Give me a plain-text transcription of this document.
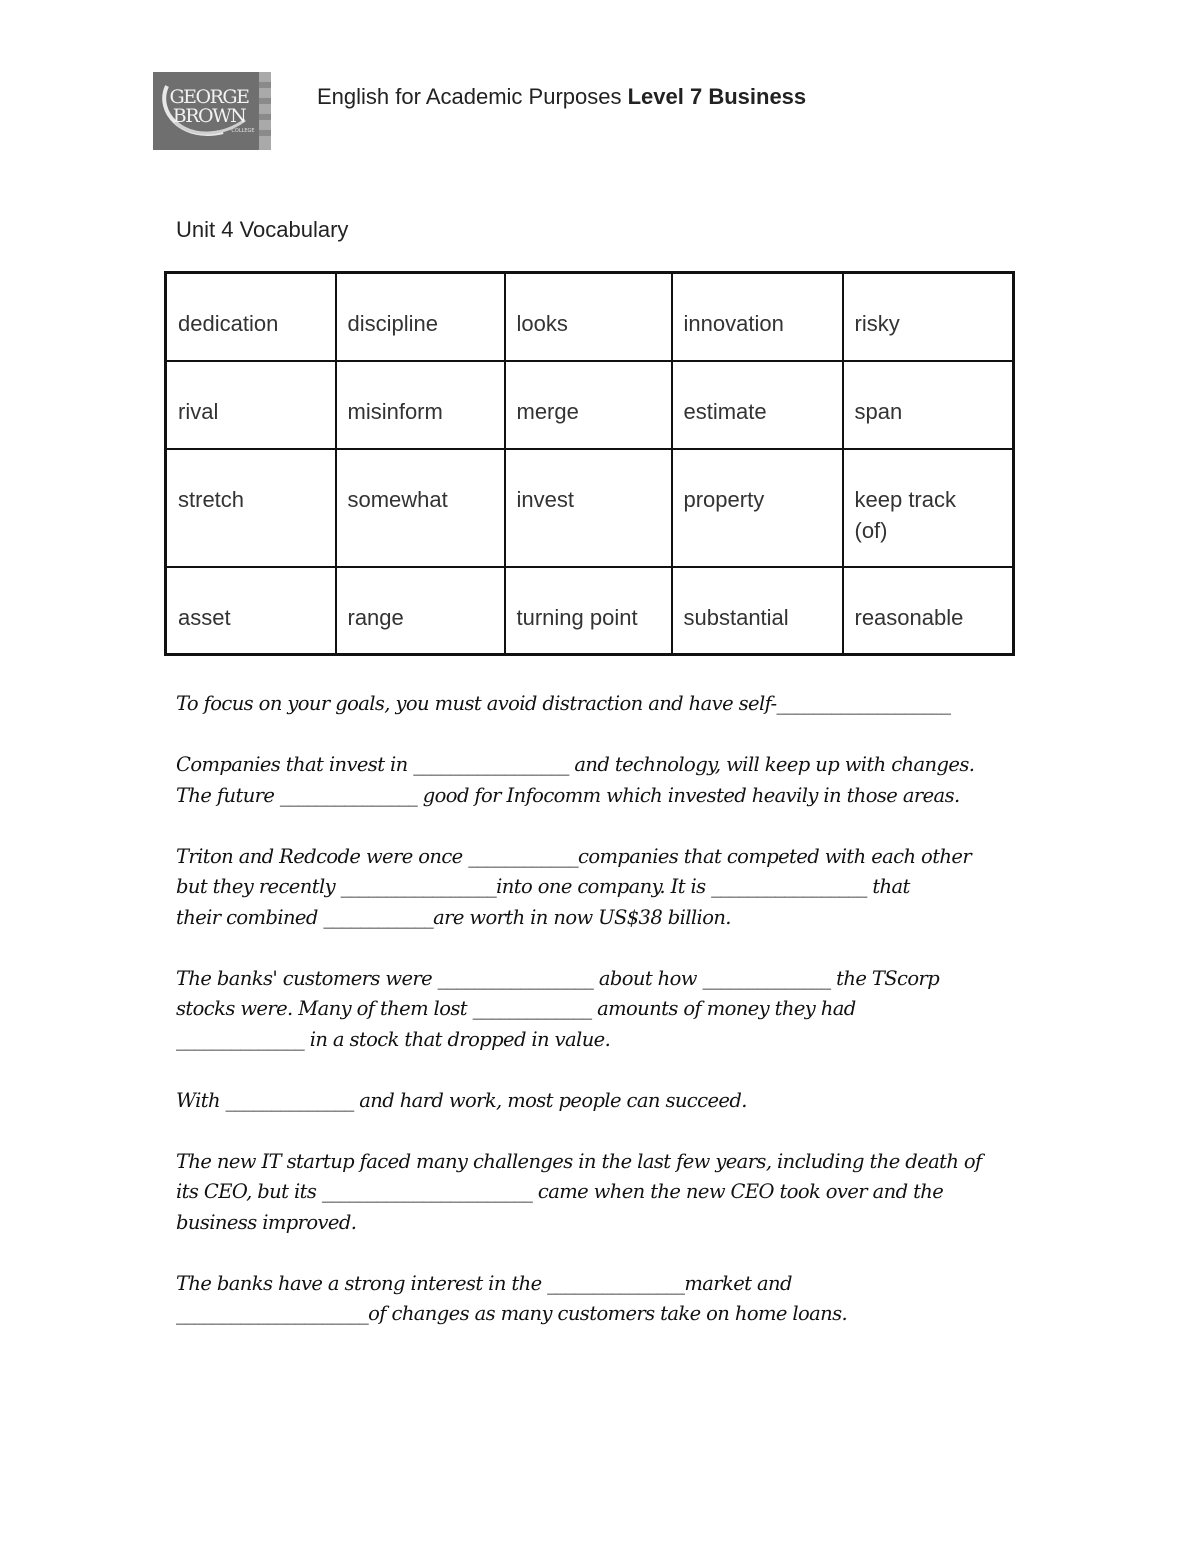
GEORGE
BROWN
COLLEGE
English for Academic Purposes Level 7 Business
Unit 4 Vocabulary
dedication	discipline	looks	innovation	risky
rival	misinform	merge	estimate	span
stretch	somewhat	invest	property	keep track
(of)
asset	range	turning point	substantial	reasonable

To focus on your goals, you must avoid distraction and have self-___________________

Companies that invest in _________________ and technology, will keep up with changes.
The future _______________ good for Infocomm which invested heavily in those areas.

Triton and Redcode were once ____________companies that competed with each other
but they recently _________________into one company. It is _________________ that
their combined ____________are worth in now US$38 billion.

The banks' customers were _________________ about how ______________ the TScorp
stocks were. Many of them lost _____________ amounts of money they had
______________ in a stock that dropped in value.

With ______________ and hard work, most people can succeed.

The new IT startup faced many challenges in the last few years, including the death of
its CEO, but its _______________________ came when the new CEO took over and the
business improved.

The banks have a strong interest in the _______________market and
_____________________of changes as many customers take on home loans.
